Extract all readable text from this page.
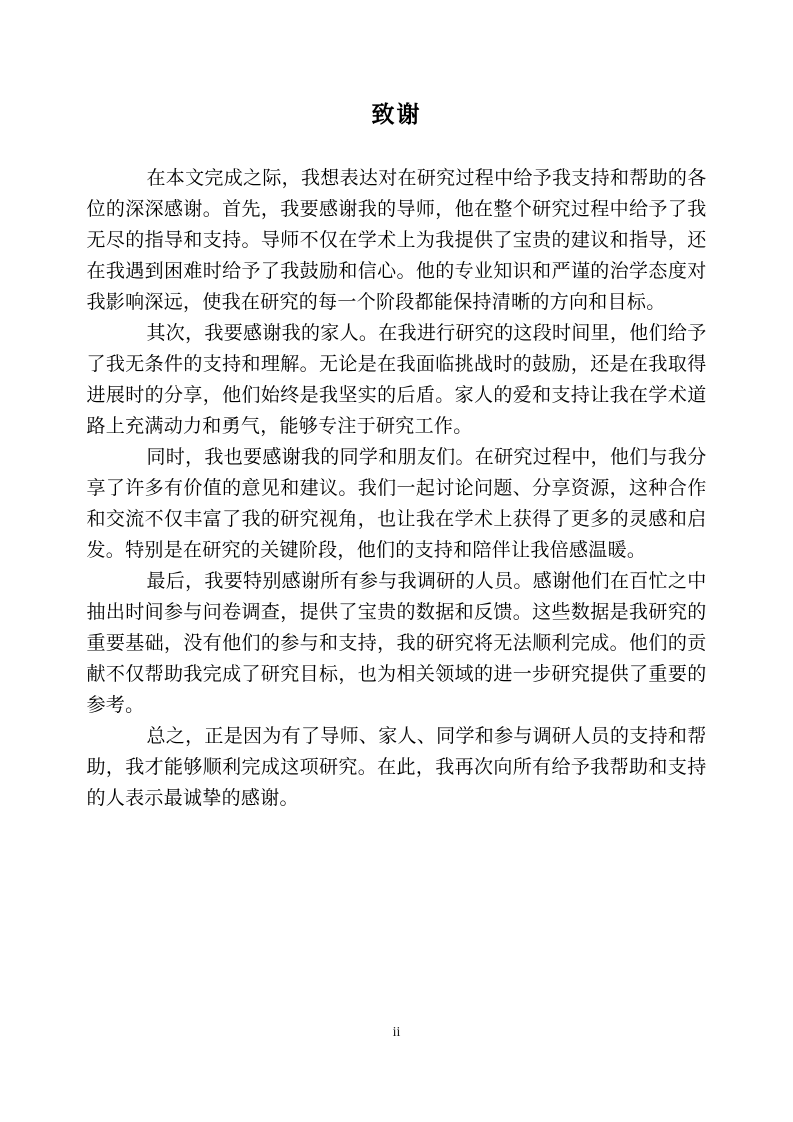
致谢

在本文完成之际，我想表达对在研究过程中给予我支持和帮助的各位的深深感谢。首先，我要感谢我的导师，他在整个研究过程中给予了我无尽的指导和支持。导师不仅在学术上为我提供了宝贵的建议和指导，还在我遇到困难时给予了我鼓励和信心。他的专业知识和严谨的治学态度对我影响深远，使我在研究的每一个阶段都能保持清晰的方向和目标。

其次，我要感谢我的家人。在我进行研究的这段时间里，他们给予了我无条件的支持和理解。无论是在我面临挑战时的鼓励，还是在我取得进展时的分享，他们始终是我坚实的后盾。家人的爱和支持让我在学术道路上充满动力和勇气，能够专注于研究工作。

同时，我也要感谢我的同学和朋友们。在研究过程中，他们与我分享了许多有价值的意见和建议。我们一起讨论问题、分享资源，这种合作和交流不仅丰富了我的研究视角，也让我在学术上获得了更多的灵感和启发。特别是在研究的关键阶段，他们的支持和陪伴让我倍感温暖。

最后，我要特别感谢所有参与我调研的人员。感谢他们在百忙之中抽出时间参与问卷调查，提供了宝贵的数据和反馈。这些数据是我研究的重要基础，没有他们的参与和支持，我的研究将无法顺利完成。他们的贡献不仅帮助我完成了研究目标，也为相关领域的进一步研究提供了重要的参考。

总之，正是因为有了导师、家人、同学和参与调研人员的支持和帮助，我才能够顺利完成这项研究。在此，我再次向所有给予我帮助和支持的人表示最诚挚的感谢。

ii
